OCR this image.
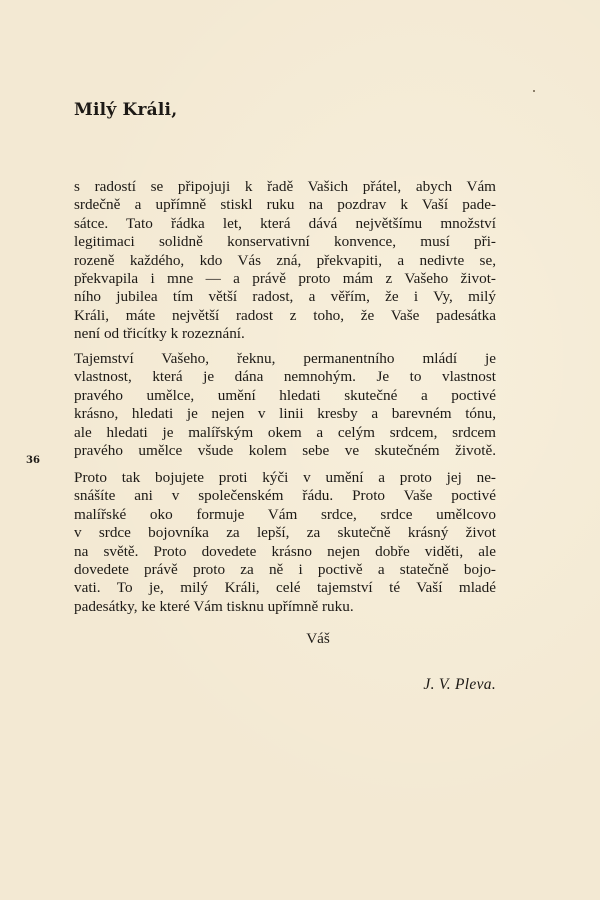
Milý Králi,

s radostí se připojuji k řadě Vašich přátel, abych Vám
srdečně a upřímně stiskl ruku na pozdrav k Vaší pade-
sátce. Tato řádka let, která dává největšímu množství
legitimaci solidně konservativní konvence, musí při-
rozeně každého, kdo Vás zná, překvapiti, a nedivte se,
překvapila i mne — a právě proto mám z Vašeho život-
ního jubilea tím větší radost, a věřím, že i Vy, milý
Králi, máte největší radost z toho, že Vaše padesátka
není od třicítky k rozeznání.

Tajemství Vašeho, řeknu, permanentního mládí je
vlastnost, která je dána nemnohým. Je to vlastnost
pravého umělce, umění hledati skutečné a poctivé
krásno, hledati je nejen v linii kresby a barevném tónu,
ale hledati je malířským okem a celým srdcem, srdcem
pravého umělce všude kolem sebe ve skutečném životě.

36

Proto tak bojujete proti kýči v umění a proto jej ne-
snášíte ani v společenském řádu. Proto Vaše poctivé
malířské oko formuje Vám srdce, srdce umělcovo
v srdce bojovníka za lepší, za skutečně krásný život
na světě. Proto dovedete krásno nejen dobře viděti, ale
dovedete právě proto za ně i poctivě a statečně bojo-
vati. To je, milý Králi, celé tajemství té Vaší mladé
padesátky, ke které Vám tisknu upřímně ruku.

Váš

J. V. Pleva.
